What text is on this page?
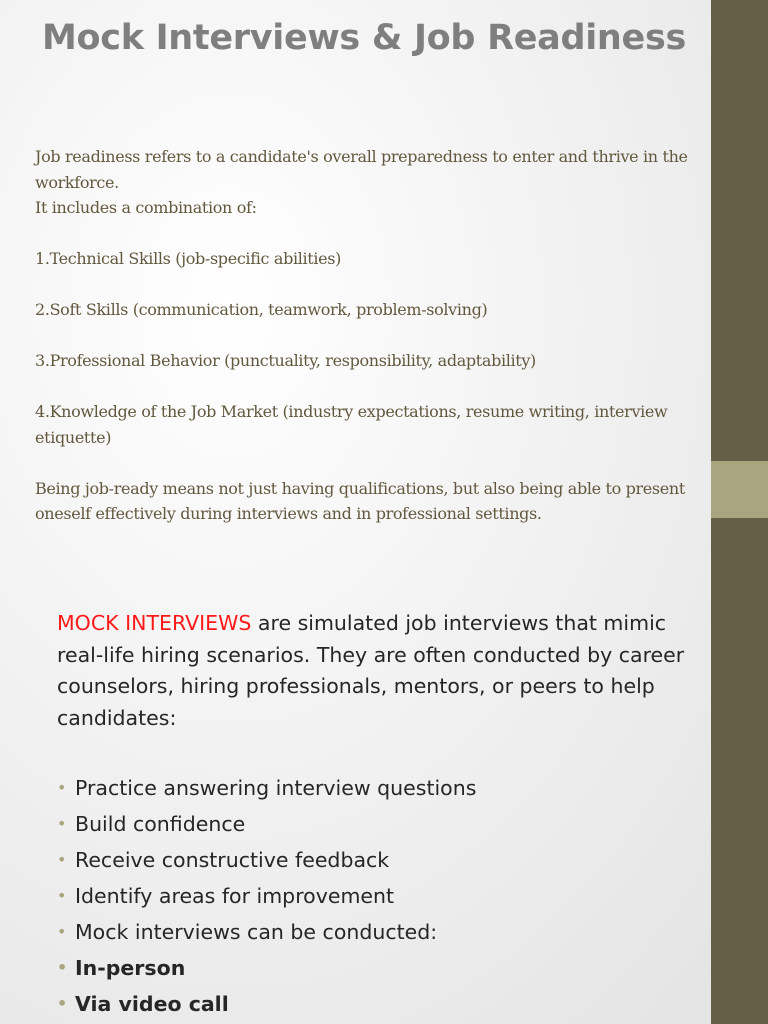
Mock Interviews & Job Readiness

Job readiness refers to a candidate's overall preparedness to enter and thrive in the workforce.

It includes a combination of:

1.Technical Skills (job-specific abilities)

2.Soft Skills (communication, teamwork, problem-solving)

3.Professional Behavior (punctuality, responsibility, adaptability)

4.Knowledge of the Job Market (industry expectations, resume writing, interview etiquette)

Being job-ready means not just having qualifications, but also being able to present oneself effectively during interviews and in professional settings.

MOCK INTERVIEWS are simulated job interviews that mimic real-life hiring scenarios. They are often conducted by career counselors, hiring professionals, mentors, or peers to help candidates:

• Practice answering interview questions
• Build confidence
• Receive constructive feedback
• Identify areas for improvement
• Mock interviews can be conducted:
• In-person
• Via video call
